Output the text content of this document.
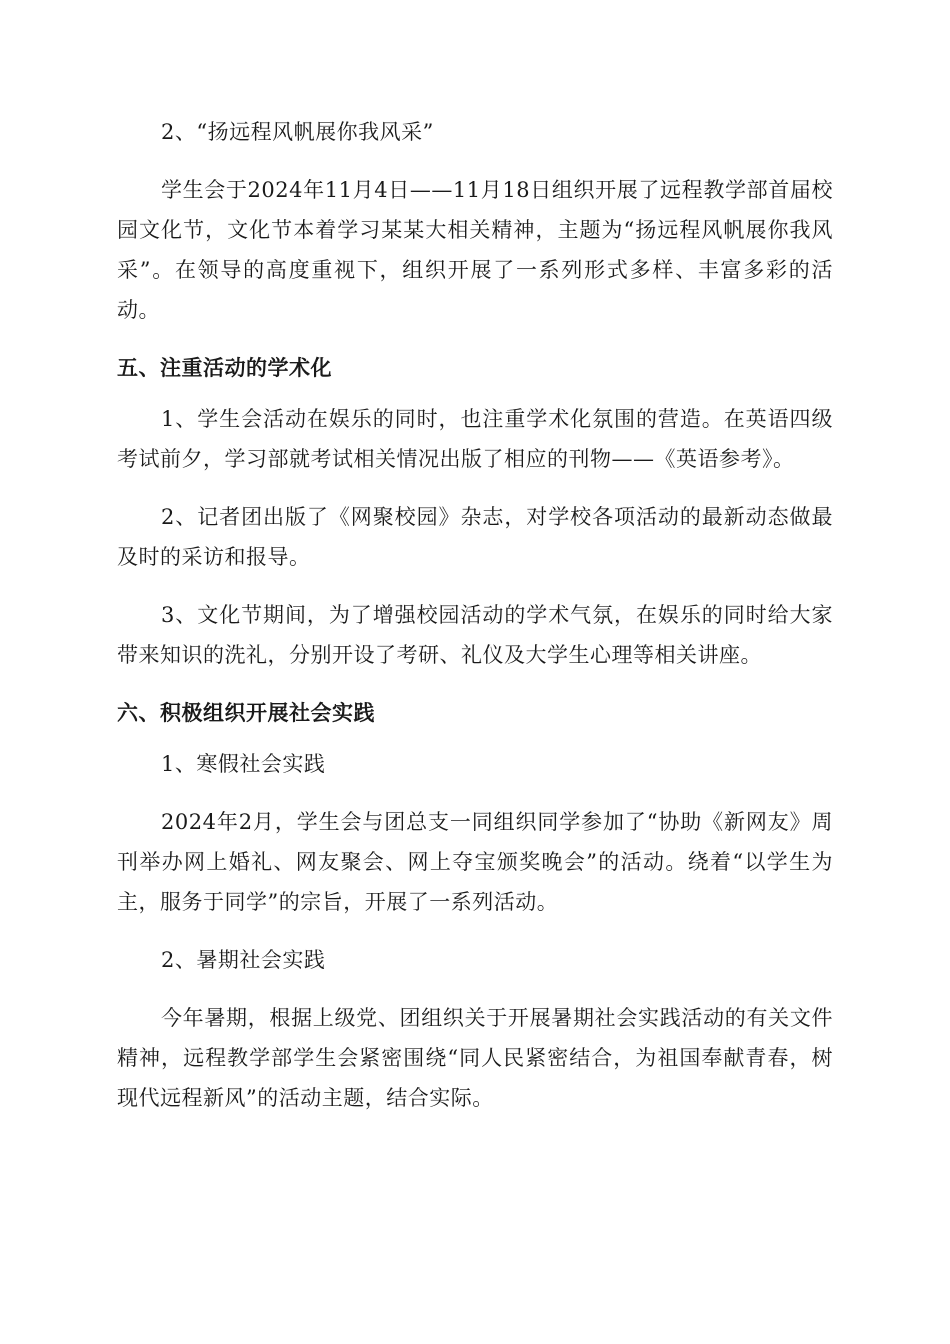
2、“扬远程风帆展你我风采”

学生会于2024年11月4日——11月18日组织开展了远程教学部首届校园文化节，文化节本着学习某某大相关精神，主题为“扬远程风帆展你我风采”。在领导的高度重视下，组织开展了一系列形式多样、丰富多彩的活动。

五、注重活动的学术化

1、学生会活动在娱乐的同时，也注重学术化氛围的营造。在英语四级考试前夕，学习部就考试相关情况出版了相应的刊物——《英语参考》。

2、记者团出版了《网聚校园》杂志，对学校各项活动的最新动态做最及时的采访和报导。

3、文化节期间，为了增强校园活动的学术气氛，在娱乐的同时给大家带来知识的洗礼，分别开设了考研、礼仪及大学生心理等相关讲座。

六、积极组织开展社会实践

1、寒假社会实践

2024年2月，学生会与团总支一同组织同学参加了“协助《新网友》周刊举办网上婚礼、网友聚会、网上夺宝颁奖晚会”的活动。绕着“以学生为主，服务于同学”的宗旨，开展了一系列活动。

2、暑期社会实践

今年暑期，根据上级党、团组织关于开展暑期社会实践活动的有关文件精神，远程教学部学生会紧密围绕“同人民紧密结合，为祖国奉献青春，树现代远程新风”的活动主题，结合实际。
